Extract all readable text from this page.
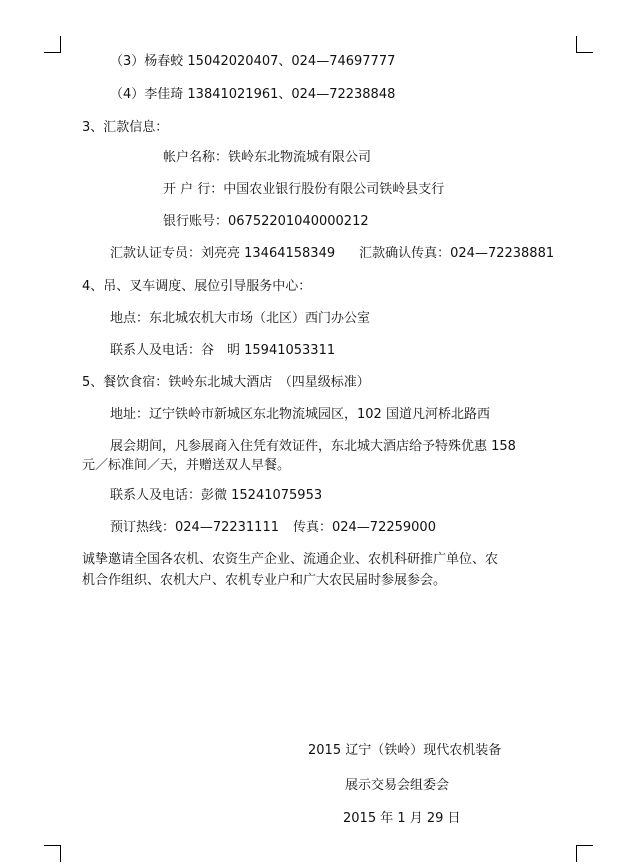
（3）杨春蛟 15042020407、024—74697777
（4）李佳琦 13841021961、024—72238848
3、汇款信息：
帐户名称：铁岭东北物流城有限公司
开 户 行：中国农业银行股份有限公司铁岭县支行
银行账号：06752201040000212
汇款认证专员：刘亮亮 13464158349 汇款确认传真：024—72238881
4、吊、叉车调度、展位引导服务中心：
地点：东北城农机大市场（北区）西门办公室
联系人及电话：谷　明 15941053311
5、餐饮食宿：铁岭东北城大酒店　（四星级标准）
地址：辽宁铁岭市新城区东北物流城园区，102 国道凡河桥北路西
展会期间，凡参展商入住凭有效证件，东北城大酒店给予特殊优惠 158
元／标准间／天，并赠送双人早餐。
联系人及电话：彭微 15241075953
预订热线：024—72231111 传真：024—72259000
诚挚邀请全国各农机、农资生产企业、流通企业、农机科研推广单位、农
机合作组织、农机大户、农机专业户和广大农民届时参展参会。
2015 辽宁（铁岭）现代农机装备
展示交易会组委会
2015 年 1 月 29 日
